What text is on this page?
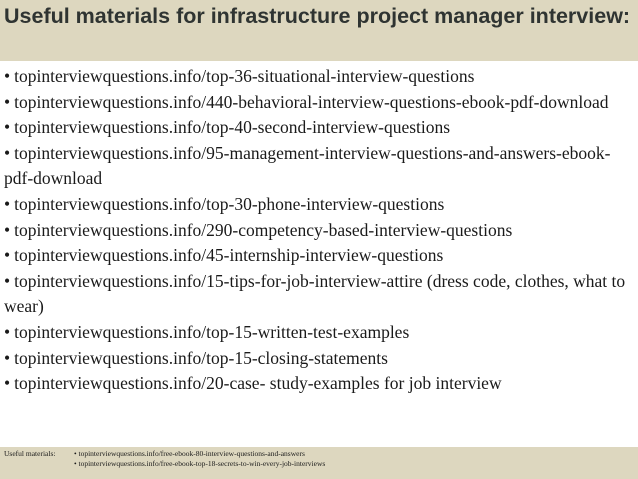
Useful materials for infrastructure project manager interview:

• topinterviewquestions.info/top-36-situational-interview-questions

• topinterviewquestions.info/440-behavioral-interview-questions-ebook-pdf-download

• topinterviewquestions.info/top-40-second-interview-questions

• topinterviewquestions.info/95-management-interview-questions-and-answers-ebook-pdf-download

• topinterviewquestions.info/top-30-phone-interview-questions

• topinterviewquestions.info/290-competency-based-interview-questions

• topinterviewquestions.info/45-internship-interview-questions

• topinterviewquestions.info/15-tips-for-job-interview-attire (dress code, clothes, what to wear)

• topinterviewquestions.info/top-15-written-test-examples

• topinterviewquestions.info/top-15-closing-statements

• topinterviewquestions.info/20-case- study-examples for job interview

Useful materials:	• topinterviewquestions.info/free-ebook-80-interview-questions-and-answers
• topinterviewquestions.info/free-ebook-top-18-secrets-to-win-every-job-interviews
